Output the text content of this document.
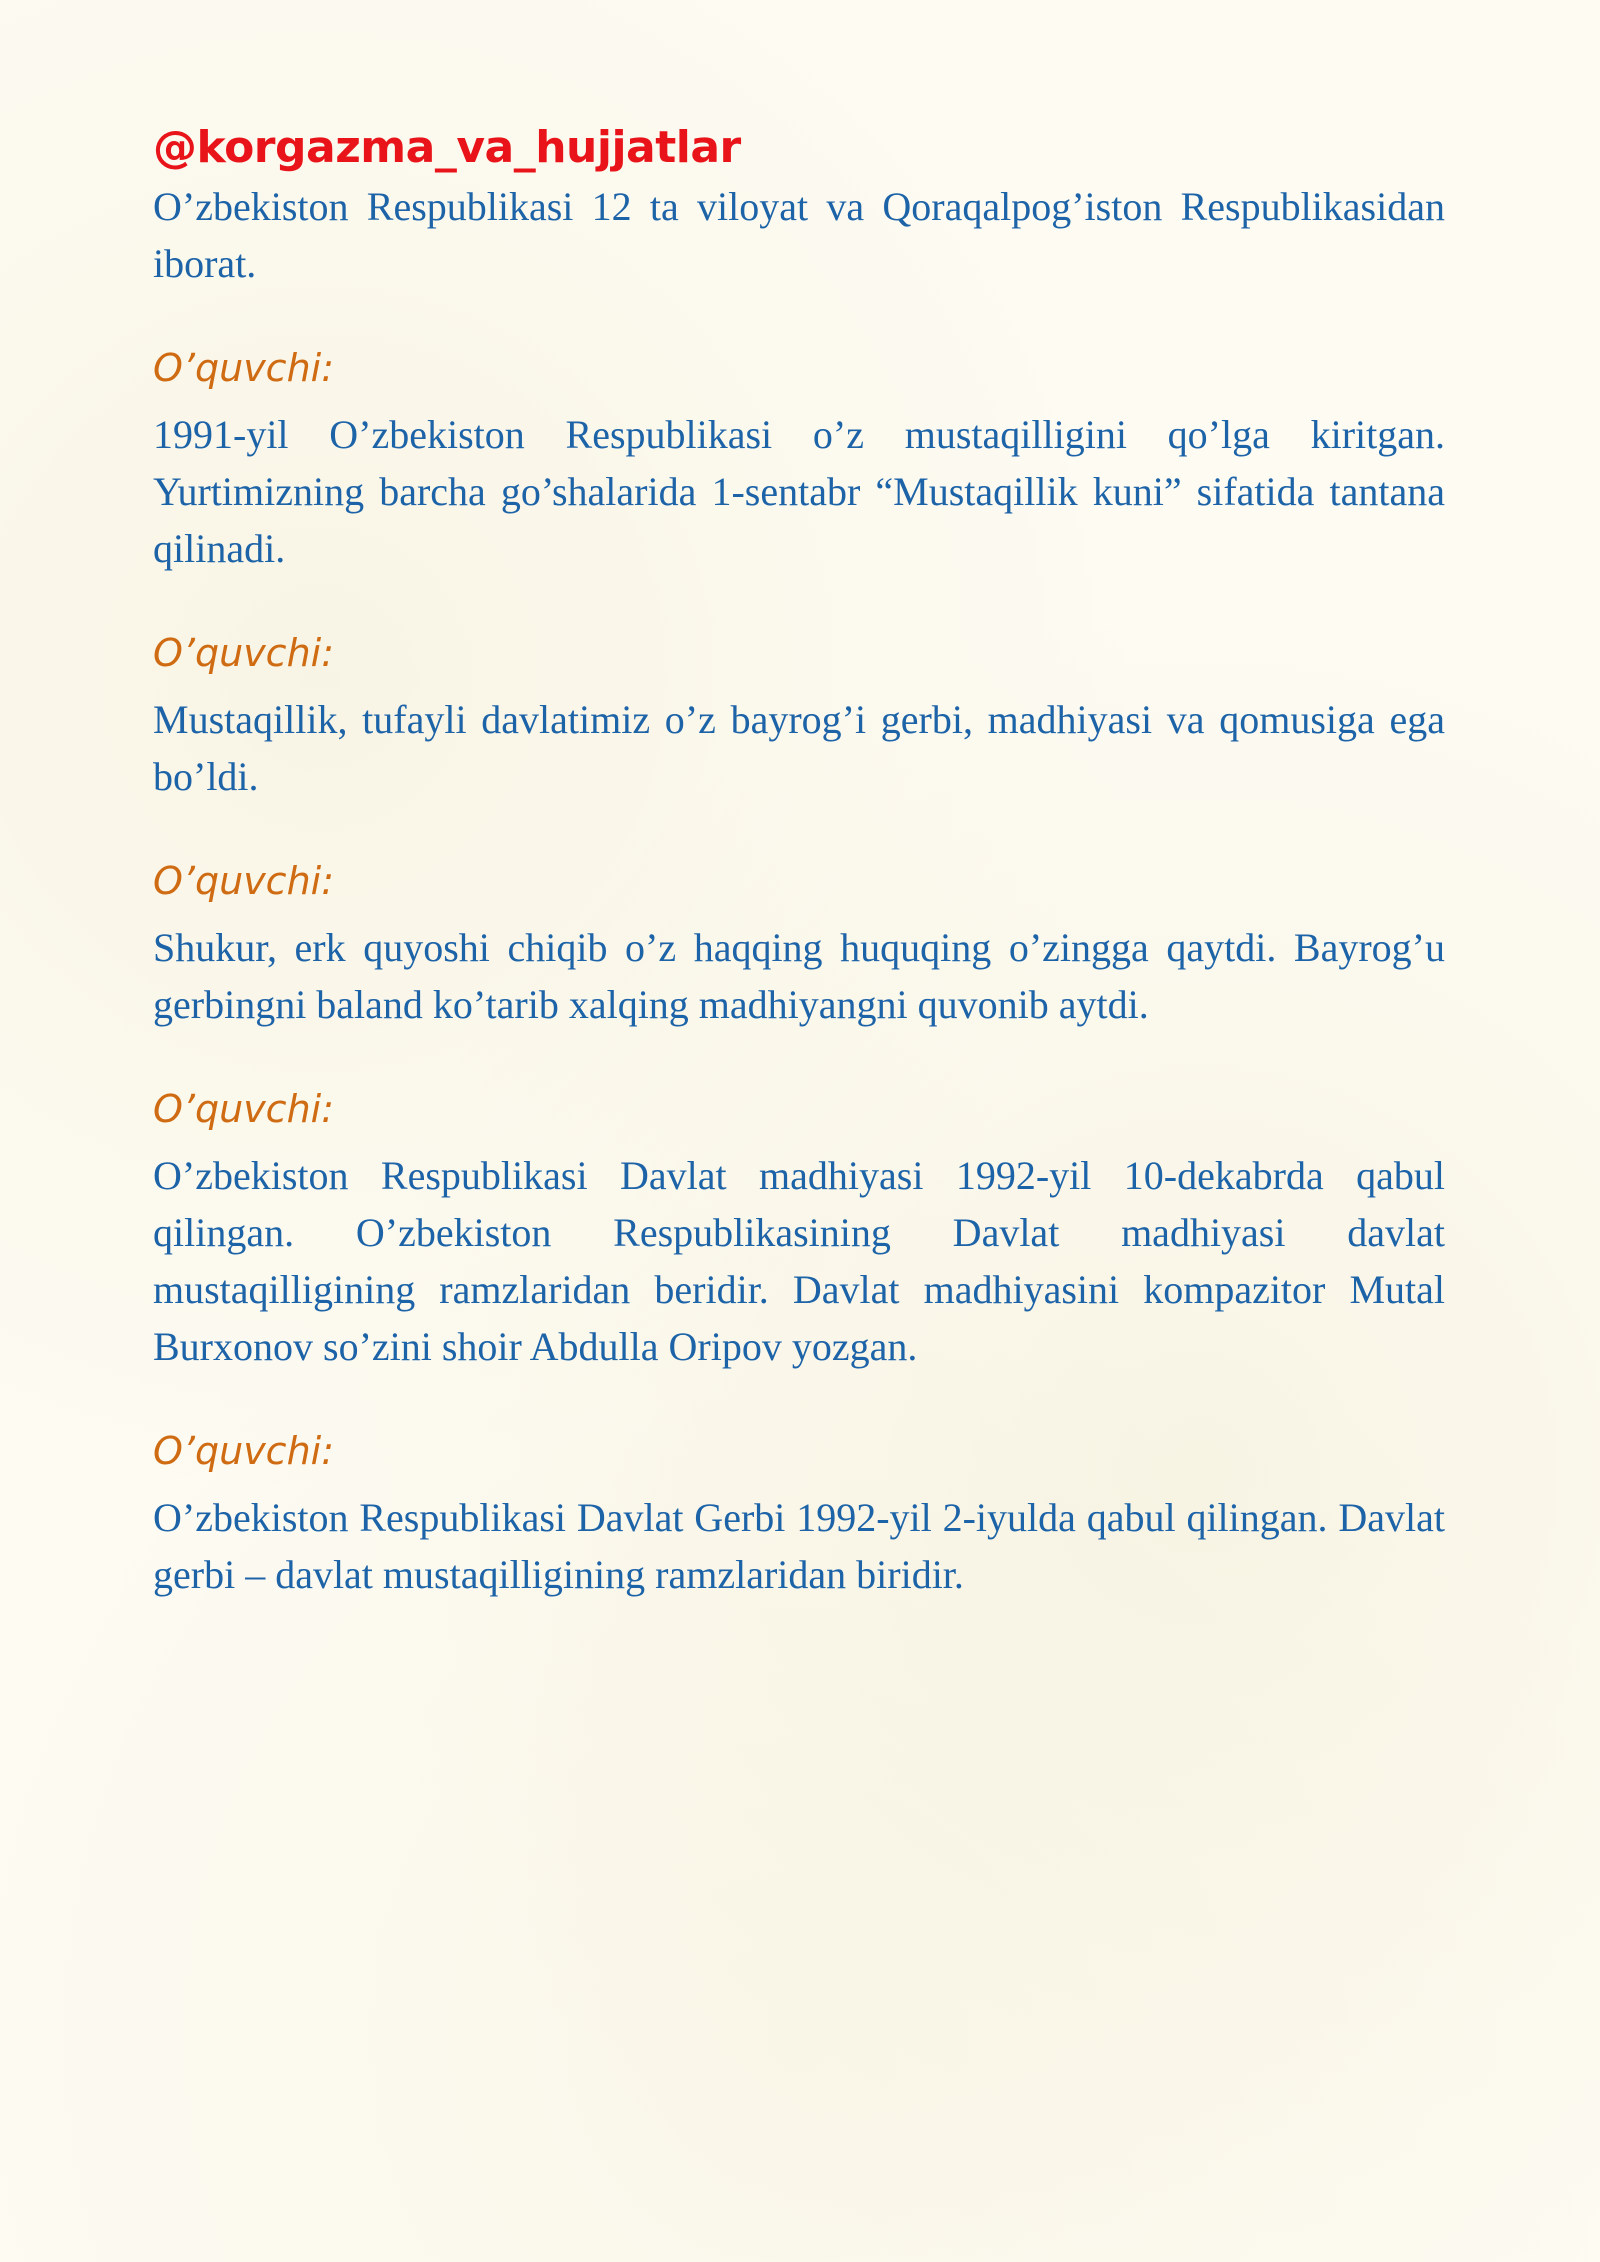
@korgazma_va_hujjatlar

O’zbekiston Respublikasi 12 ta viloyat va Qoraqalpog’iston Respublikasidan iborat.

O’quvchi:

1991-yil O’zbekiston Respublikasi o’z mustaqilligini qo’lga kiritgan. Yurtimizning barcha go’shalarida 1-sentabr “Mustaqillik kuni” sifatida tantana qilinadi.

O’quvchi:

Mustaqillik, tufayli davlatimiz o’z bayrog’i gerbi, madhiyasi va qomusiga ega bo’ldi.

O’quvchi:

Shukur, erk quyoshi chiqib o’z haqqing huquqing o’zingga qaytdi. Bayrog’u gerbingni baland ko’tarib xalqing madhiyangni quvonib aytdi.

O’quvchi:

O’zbekiston Respublikasi Davlat madhiyasi 1992-yil 10-dekabrda qabul qilingan. O’zbekiston Respublikasining Davlat madhiyasi davlat mustaqilligining ramzlaridan beridir. Davlat madhiyasini kompazitor Mutal Burxonov so’zini shoir Abdulla Oripov yozgan.

O’quvchi:

O’zbekiston Respublikasi Davlat Gerbi 1992-yil 2-iyulda qabul qilingan. Davlat gerbi – davlat mustaqilligining ramzlaridan biridir.
